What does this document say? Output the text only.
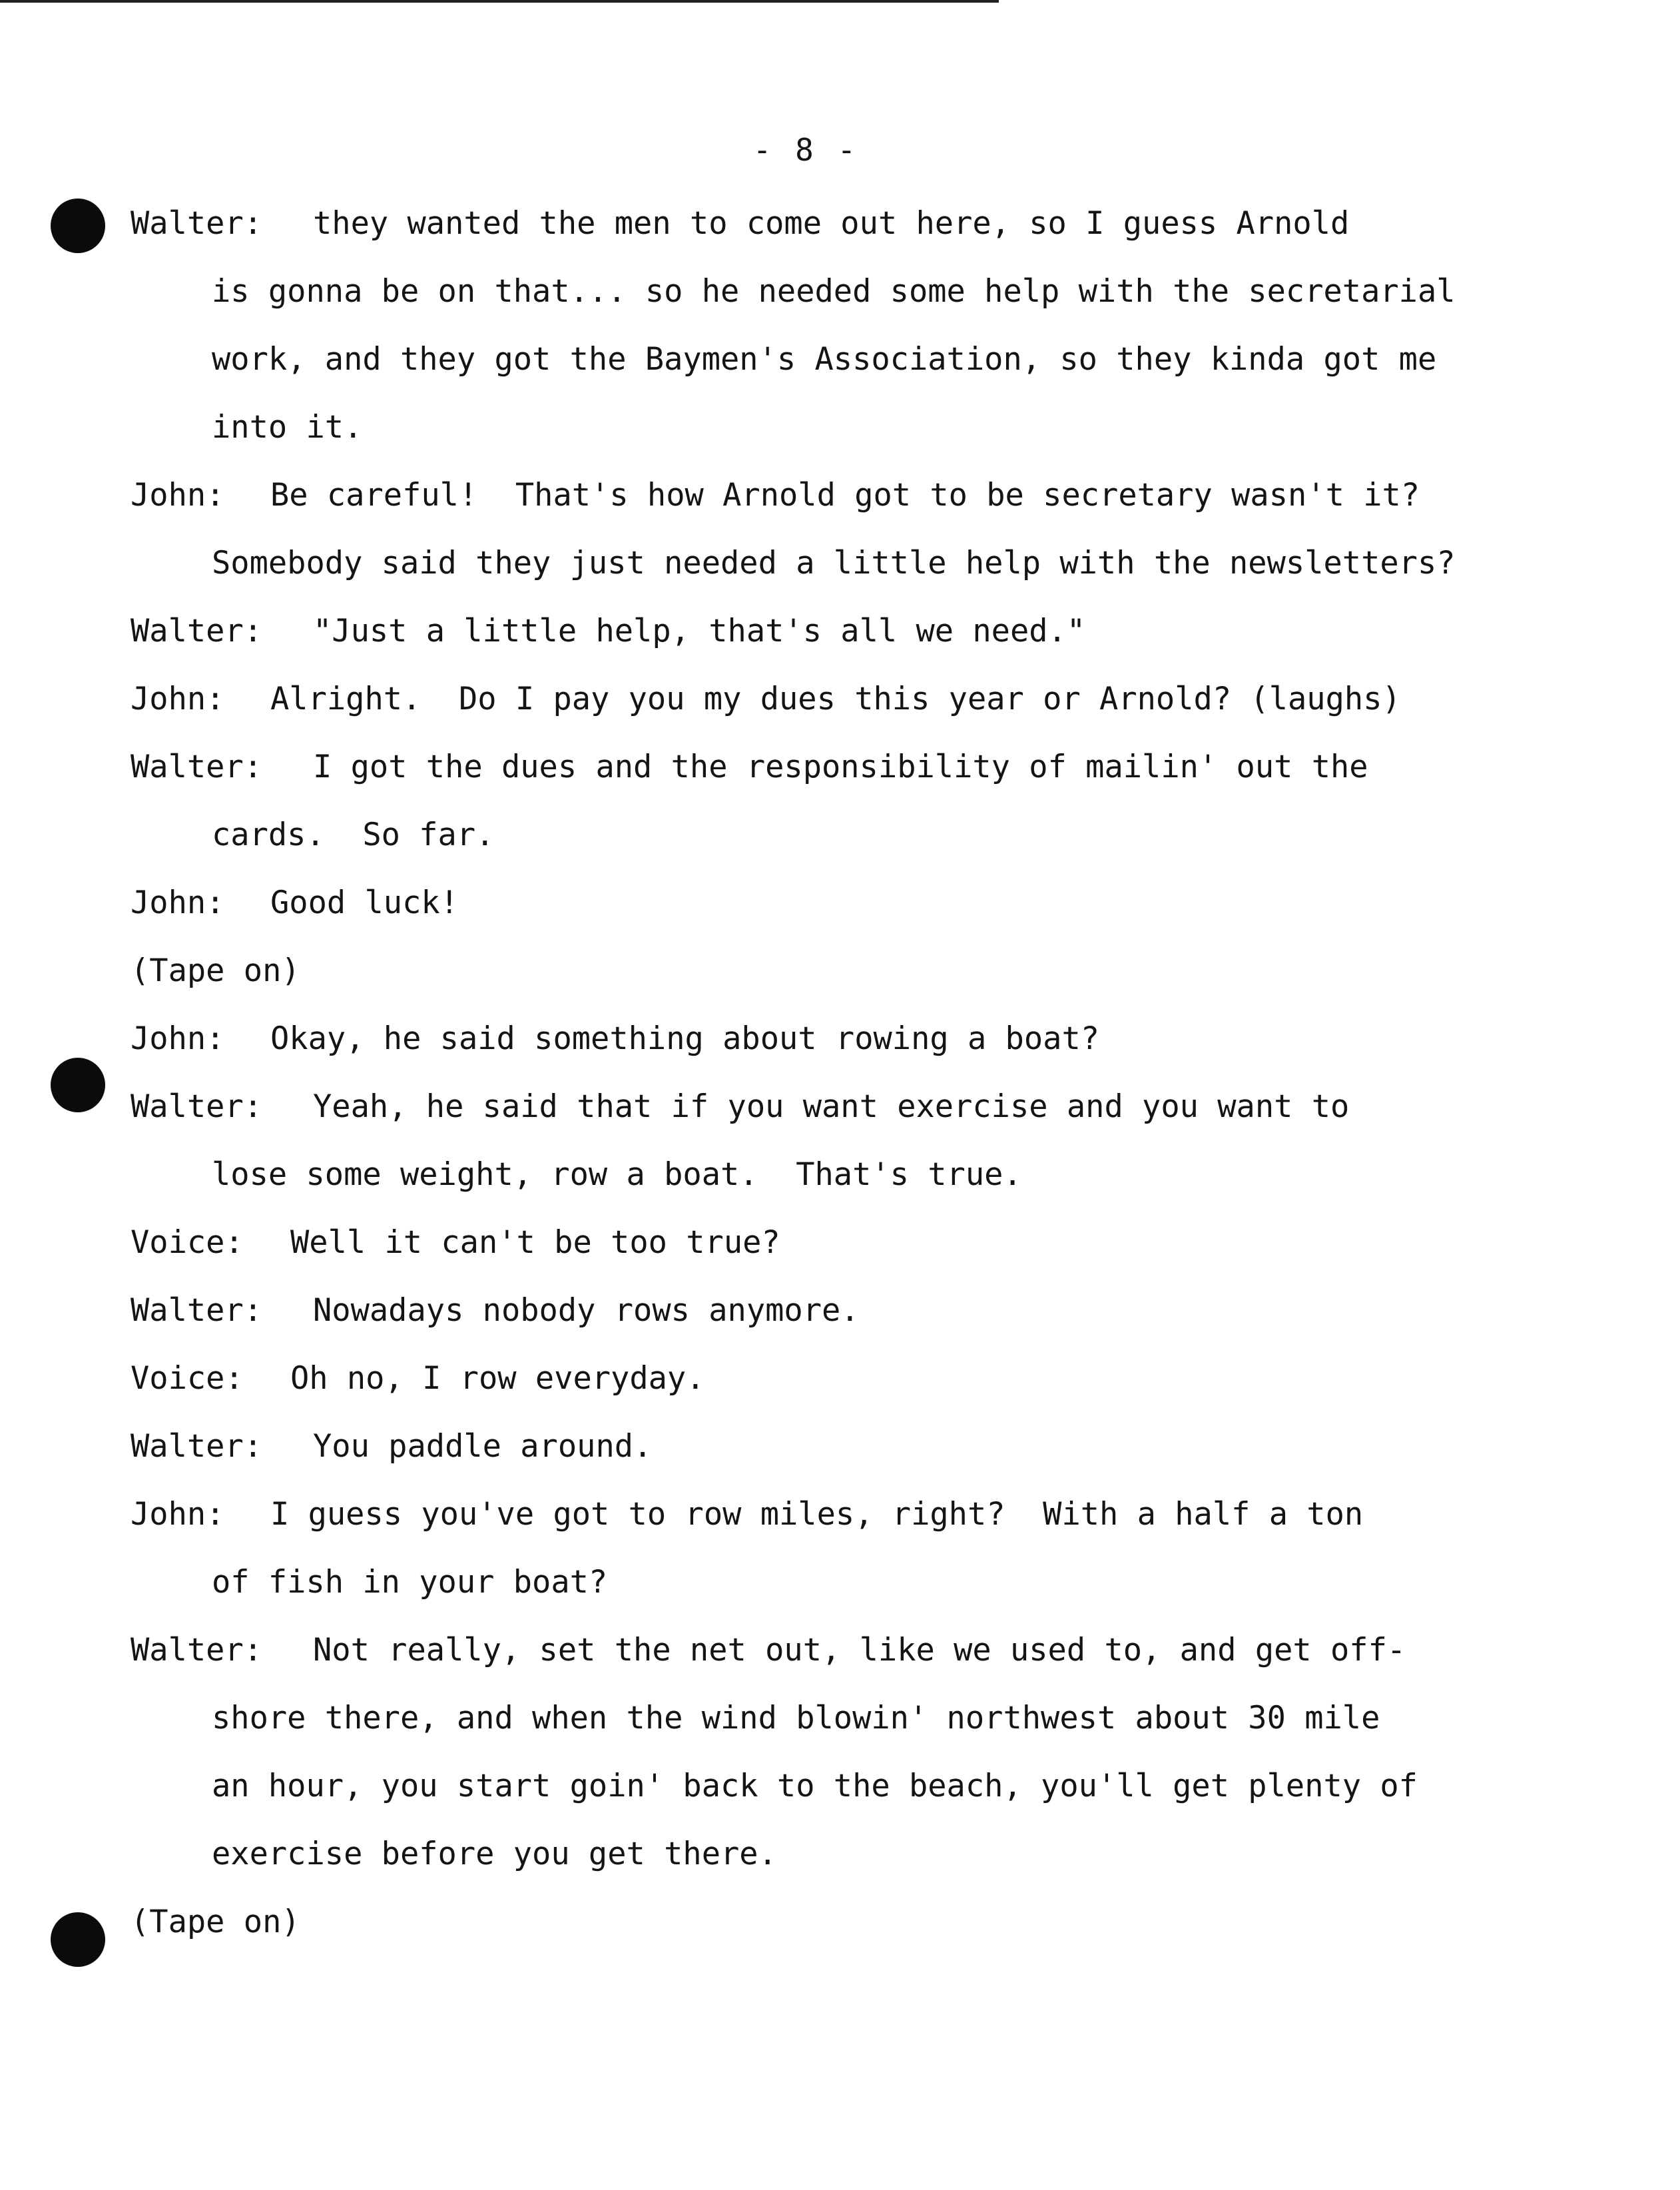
- 8 -
Walter: they wanted the men to come out here, so I guess Arnold
is gonna be on that... so he needed some help with the secretarial
work, and they got the Baymen's Association, so they kinda got me
into it.
John: Be careful!  That's how Arnold got to be secretary wasn't it?
Somebody said they just needed a little help with the newsletters?
Walter: "Just a little help, that's all we need."
John: Alright.  Do I pay you my dues this year or Arnold? (laughs)
Walter: I got the dues and the responsibility of mailin' out the
cards.  So far.
John: Good luck!
(Tape on)
John: Okay, he said something about rowing a boat?
Walter: Yeah, he said that if you want exercise and you want to
lose some weight, row a boat.  That's true.
Voice: Well it can't be too true?
Walter: Nowadays nobody rows anymore.
Voice: Oh no, I row everyday.
Walter: You paddle around.
John: I guess you've got to row miles, right?  With a half a ton
of fish in your boat?
Walter: Not really, set the net out, like we used to, and get off-
shore there, and when the wind blowin' northwest about 30 mile
an hour, you start goin' back to the beach, you'll get plenty of
exercise before you get there.
(Tape on)
